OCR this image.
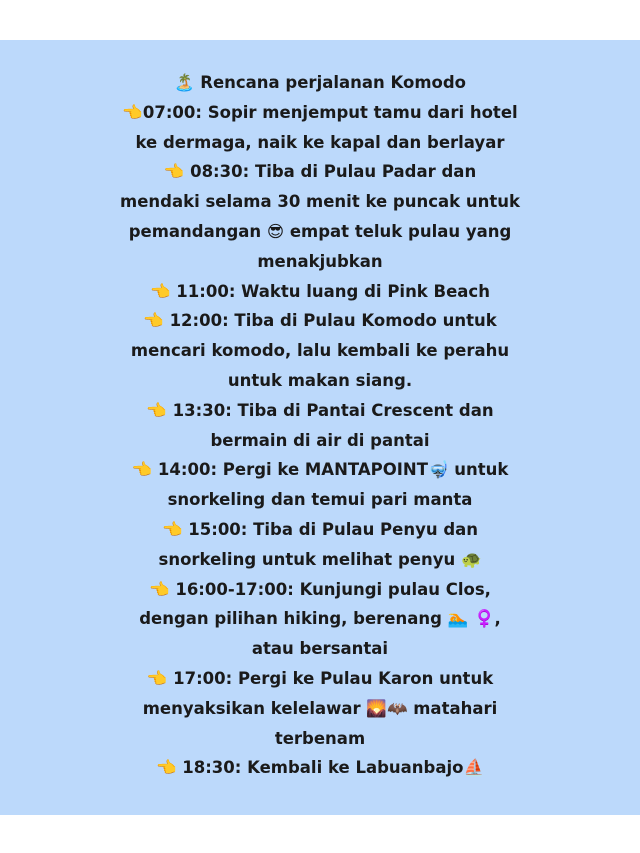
🏝️ Rencana perjalanan Komodo
👈07:00: Sopir menjemput tamu dari hotel
ke dermaga, naik ke kapal dan berlayar
👈 08:30: Tiba di Pulau Padar dan
mendaki selama 30 menit ke puncak untuk
pemandangan 😎 empat teluk pulau yang
menakjubkan
👈 11:00: Waktu luang di Pink Beach
👈 12:00: Tiba di Pulau Komodo untuk
mencari komodo, lalu kembali ke perahu
untuk makan siang.
👈 13:30: Tiba di Pantai Crescent dan
bermain di air di pantai
👈 14:00: Pergi ke MANTAPOINT🤿 untuk
snorkeling dan temui pari manta
👈 15:00: Tiba di Pulau Penyu dan
snorkeling untuk melihat penyu 🐢
👈 16:00-17:00: Kunjungi pulau Clos,
dengan pilihan hiking, berenang 🏊 ♀️,
atau bersantai
👈 17:00: Pergi ke Pulau Karon untuk
menyaksikan kelelawar 🌄🦇 matahari
terbenam
👈 18:30: Kembali ke Labuanbajo⛵
